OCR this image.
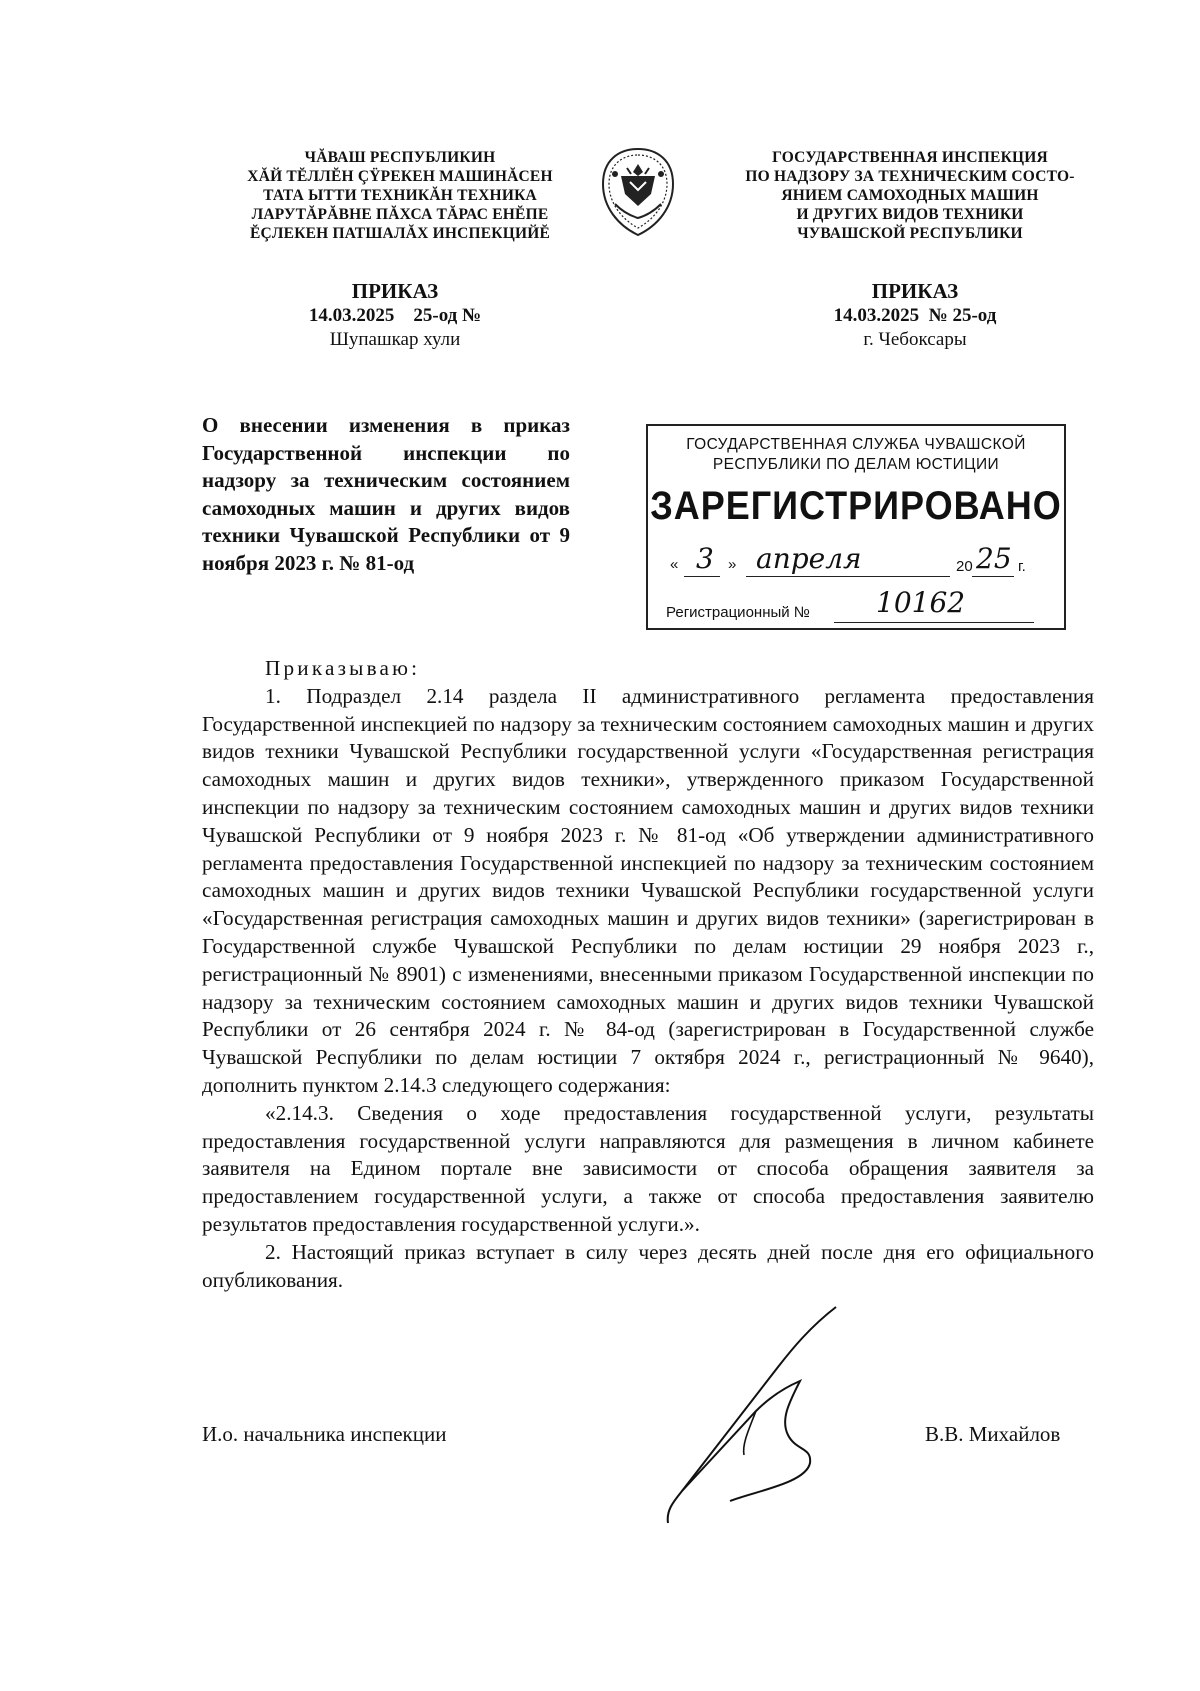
ЧĂВАШ РЕСПУБЛИКИН
ХĂЙ ТĔЛЛĔН ÇŸРЕКЕН МАШИНĂСЕН
ТАТА ЫТТИ ТЕХНИКĂН ТЕХНИКА
ЛАРУТĂРĂВНЕ ПĂХСА ТĂРАС ЕНĔПЕ
ĔÇЛЕКЕН ПАТШАЛĂХ ИНСПЕКЦИЙĔ
ГОСУДАРСТВЕННАЯ ИНСПЕКЦИЯ
ПО НАДЗОРУ ЗА ТЕХНИЧЕСКИМ СОСТО-
ЯНИЕМ САМОХОДНЫХ МАШИН
И ДРУГИХ ВИДОВ ТЕХНИКИ
ЧУВАШСКОЙ РЕСПУБЛИКИ
ПРИКАЗ
14.03.2025    25-од №
Шупашкар хули
ПРИКАЗ
14.03.2025  № 25-од
г. Чебоксары
О внесении изменения в приказ Государственной инспекции по надзору за техническим состоянием самоходных машин и других видов техники Чувашской Республики от 9 ноября 2023 г. № 81-од
ГОСУДАРСТВЕННАЯ СЛУЖБА ЧУВАШСКОЙ
РЕСПУБЛИКИ ПО ДЕЛАМ ЮСТИЦИИ
ЗАРЕГИСТРИРОВАНО
« 3 » апреля	20 25 г.
Регистрационный № 10162

Приказываю:

1. Подраздел 2.14 раздела II административного регламента предоставления Государственной инспекцией по надзору за техническим состоянием самоходных машин и других видов техники Чувашской Республики государственной услуги «Государственная регистрация самоходных машин и других видов техники», утвержденного приказом Государственной инспекции по надзору за техническим состоянием самоходных машин и других видов техники Чувашской Республики от 9 ноября 2023 г. № 81-од «Об утверждении административного регламента предоставления Государственной инспекцией по надзору за техническим состоянием самоходных машин и других видов техники Чувашской Республики государственной услуги «Государственная регистрация самоходных машин и других видов техники» (зарегистрирован в Государственной службе Чувашской Республики по делам юстиции 29 ноября 2023 г., регистрационный № 8901) с изменениями, внесенными приказом Государственной инспекции по надзору за техническим состоянием самоходных машин и других видов техники Чувашской Республики от 26 сентября 2024 г. № 84-од (зарегистрирован в Государственной службе Чувашской Республики по делам юстиции 7 октября 2024 г., регистрационный № 9640), дополнить пунктом 2.14.3 следующего содержания:

«2.14.3. Сведения о ходе предоставления государственной услуги, результаты предоставления государственной услуги направляются для размещения в личном кабинете заявителя на Едином портале вне зависимости от способа обращения заявителя за предоставлением государственной услуги, а также от способа предоставления заявителю результатов предоставления государственной услуги.».

2. Настоящий приказ вступает в силу через десять дней после дня его официального опубликования.

И.о. начальника инспекции	В.В. Михайлов
